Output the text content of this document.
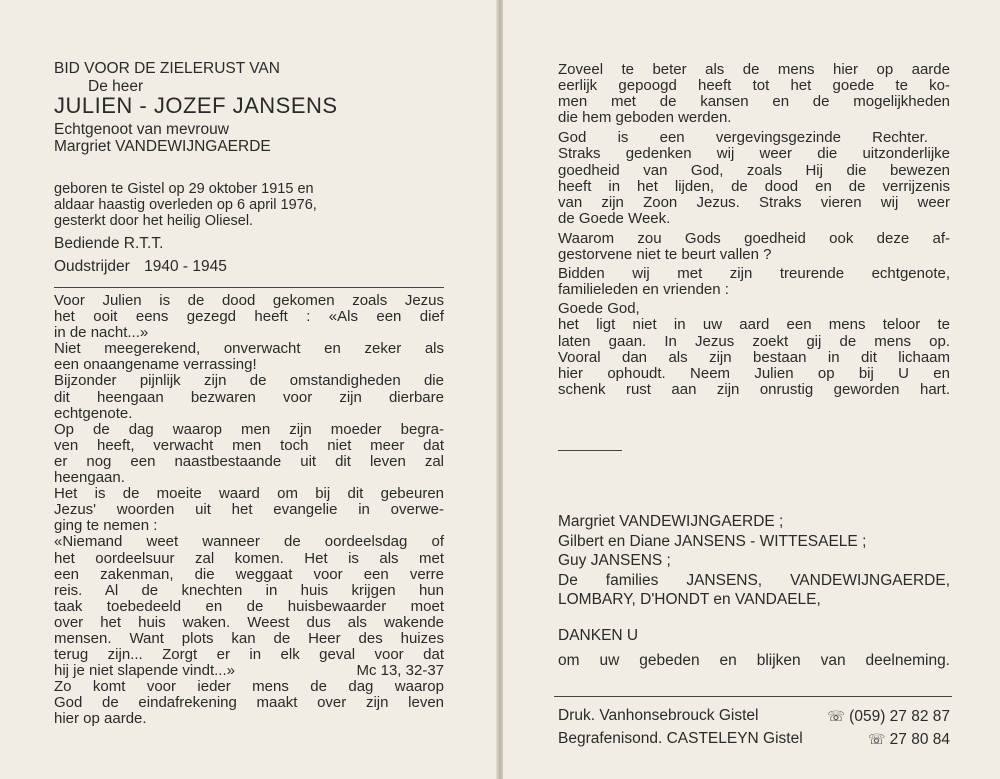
BID VOOR DE ZIELERUST VAN
De heer
JULIEN - JOZEF JANSENS
Echtgenoot van mevrouw
Margriet VANDEWIJNGAERDE
geboren te Gistel op 29 oktober 1915 en
aldaar haastig overleden op 6 april 1976,
gesterkt door het heilig Oliesel.
Bediende R.T.T.
Oudstrijder 1940 - 1945
Voor Julien is de dood gekomen zoals Jezus
het ooit eens gezegd heeft : «Als een dief
in de nacht...»
Niet meegerekend, onverwacht en zeker als
een onaangename verrassing!
Bijzonder pijnlijk zijn de omstandigheden die
dit heengaan bezwaren voor zijn dierbare
echtgenote.
Op de dag waarop men zijn moeder begra-
ven heeft, verwacht men toch niet meer dat
er nog een naastbestaande uit dit leven zal
heengaan.
Het is de moeite waard om bij dit gebeuren
Jezus' woorden uit het evangelie in overwe-
ging te nemen :
«Niemand weet wanneer de oordeelsdag of
het oordeelsuur zal komen. Het is als met
een zakenman, die weggaat voor een verre
reis. Al de knechten in huis krijgen hun
taak toebedeeld en de huisbewaarder moet
over het huis waken. Weest dus als wakende
mensen. Want plots kan de Heer des huizes
terug zijn... Zorgt er in elk geval voor dat
hij je niet slapende vindt...»	Mc 13, 32-37
Zo komt voor ieder mens de dag waarop
God de eindafrekening maakt over zijn leven
hier op aarde.
Zoveel te beter als de mens hier op aarde
eerlijk gepoogd heeft tot het goede te ko-
men met de kansen en de mogelijkheden
die hem geboden werden.
God is een vergevingsgezinde Rechter.
Straks gedenken wij weer die uitzonderlijke
goedheid van God, zoals Hij die bewezen
heeft in het lijden, de dood en de verrijzenis
van zijn Zoon Jezus. Straks vieren wij weer
de Goede Week.
Waarom zou Gods goedheid ook deze af-
gestorvene niet te beurt vallen ?
Bidden wij met zijn treurende echtgenote,
familieleden en vrienden :
Goede God,
het ligt niet in uw aard een mens teloor te
laten gaan. In Jezus zoekt gij de mens op.
Vooral dan als zijn bestaan in dit lichaam
hier ophoudt. Neem Julien op bij U en
schenk rust aan zijn onrustig geworden hart.
Margriet VANDEWIJNGAERDE ;
Gilbert en Diane JANSENS - WITTESAELE ;
Guy JANSENS ;
De families JANSENS, VANDEWIJNGAERDE,
LOMBARY, D'HONDT en VANDAELE,
DANKEN U
om uw gebeden en blijken van deelneming.
Druk. Vanhonsebrouck Gistel	☏ (059) 27 82 87
Begrafenisond. CASTELEYN Gistel	☏ 27 80 84
